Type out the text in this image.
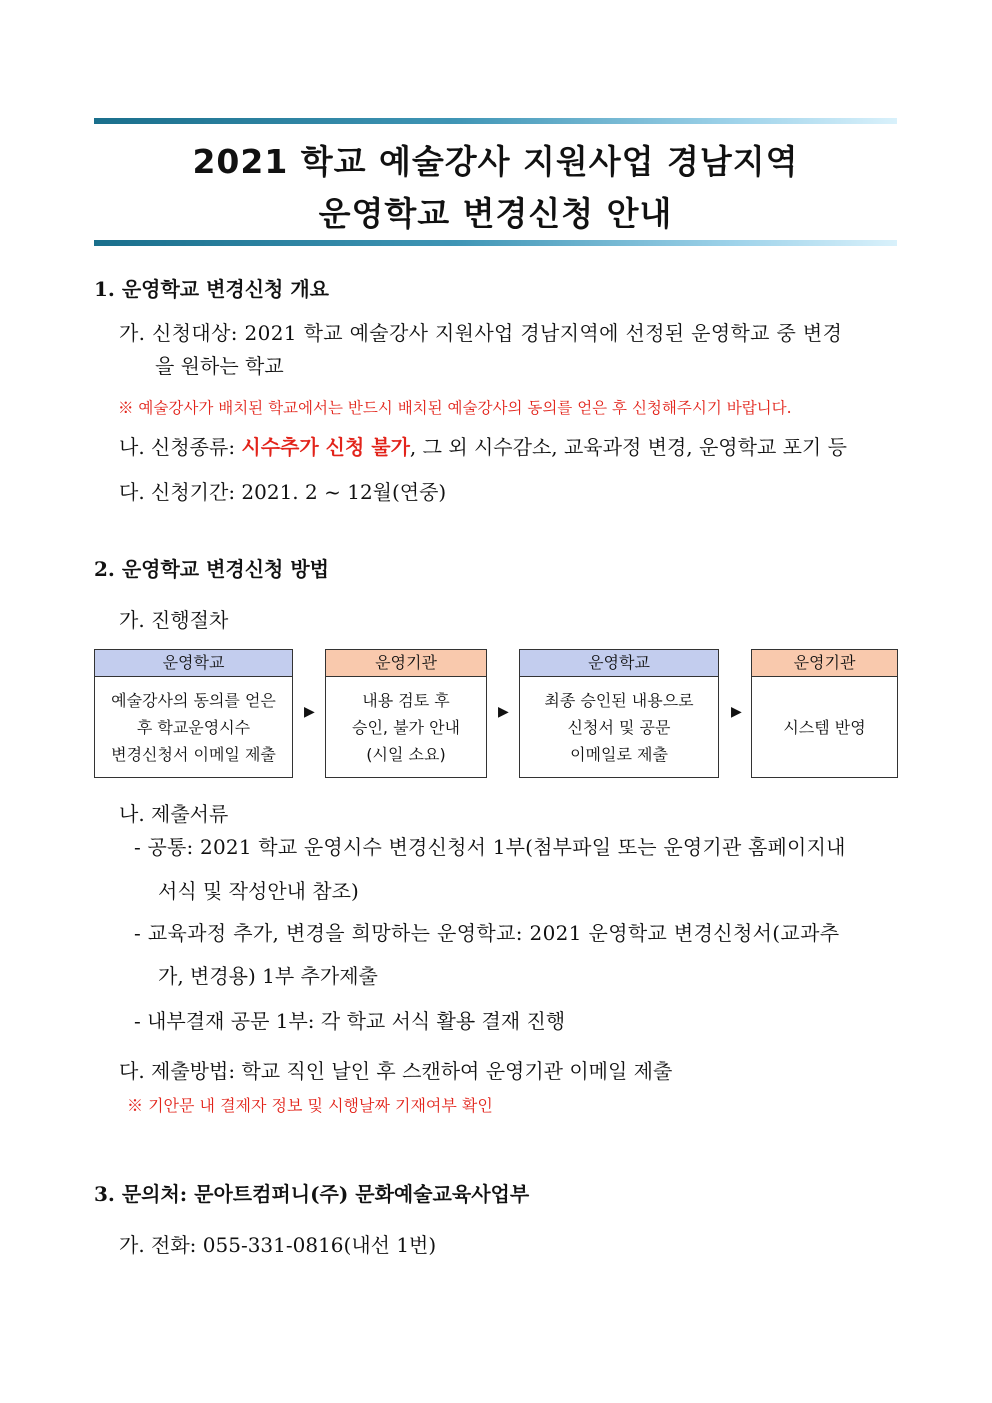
2021 학교 예술강사 지원사업 경남지역
운영학교 변경신청 안내
1. 운영학교 변경신청 개요
가. 신청대상: 2021 학교 예술강사 지원사업 경남지역에 선정된 운영학교 중 변경
을 원하는 학교
※ 예술강사가 배치된 학교에서는 반드시 배치된 예술강사의 동의를 얻은 후 신청해주시기 바랍니다.
나. 신청종류: 시수추가 신청 불가, 그 외 시수감소, 교육과정 변경, 운영학교 포기 등
다. 신청기간: 2021. 2 ~ 12월(연중)
2. 운영학교 변경신청 방법
가. 진행절차
운영학교
예술강사의 동의를 얻은
후 학교운영시수
변경신청서 이메일 제출
▶
운영기관
내용 검토 후
승인, 불가 안내
(시일 소요)
▶
운영학교
최종 승인된 내용으로
신청서 및 공문
이메일로 제출
▶
운영기관
시스템 반영
나. 제출서류
- 공통: 2021 학교 운영시수 변경신청서 1부(첨부파일 또는 운영기관 홈페이지내
서식 및 작성안내 참조)
- 교육과정 추가, 변경을 희망하는 운영학교: 2021 운영학교 변경신청서(교과추
가, 변경용) 1부 추가제출
- 내부결재 공문 1부: 각 학교 서식 활용 결재 진행
다. 제출방법: 학교 직인 날인 후 스캔하여 운영기관 이메일 제출
※ 기안문 내 결제자 정보 및 시행날짜 기재여부 확인
3. 문의처: 문아트컴퍼니(주) 문화예술교육사업부
가. 전화: 055-331-0816(내선 1번)
